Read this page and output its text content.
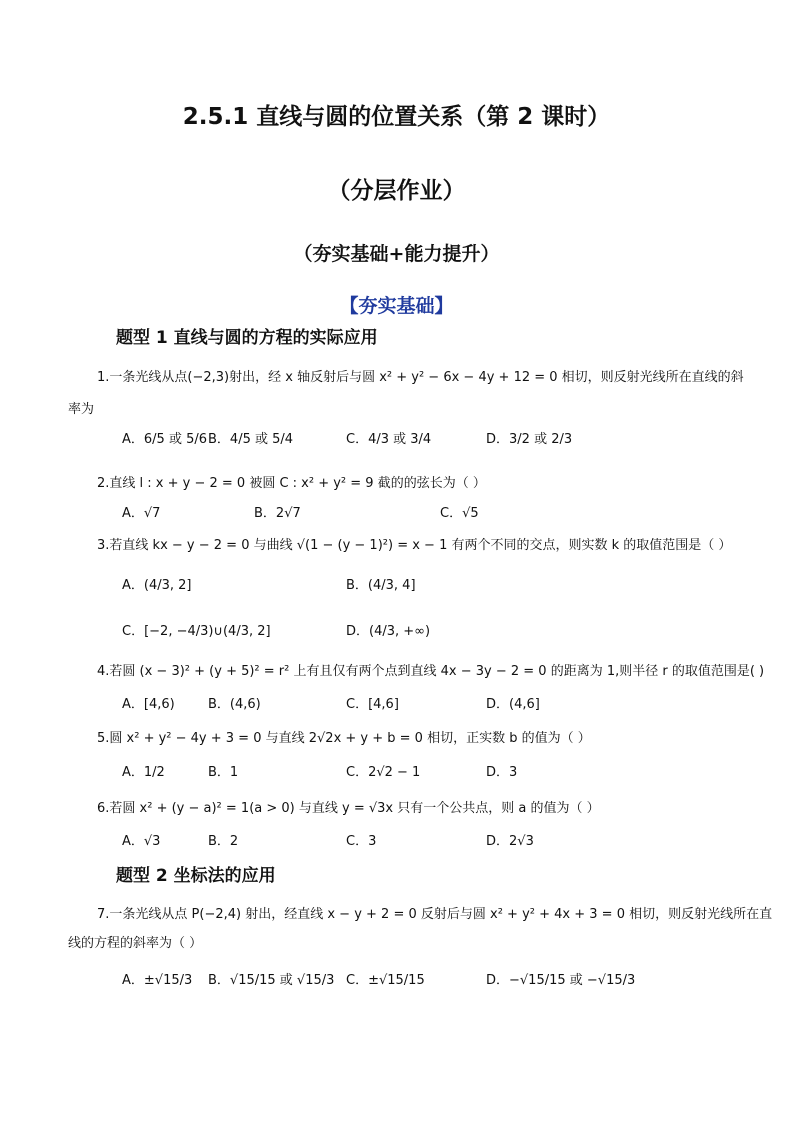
2.5.1 直线与圆的位置关系（第 2 课时）
（分层作业）
（夯实基础+能力提升）
【夯实基础】
题型 1 直线与圆的方程的实际应用
1.一条光线从点(−2,3)射出，经 x 轴反射后与圆 x² + y² − 6x − 4y + 12 = 0 相切，则反射光线所在直线的斜
率为
A．6/5 或 5/6 B．4/5 或 5/4	C．4/3 或 3/4	D．3/2 或 2/3
2.直线 l : x + y − 2 = 0 被圆 C : x² + y² = 9 截的的弦长为（ ）
A．√7	B．2√7	C．√5
3.若直线 kx − y − 2 = 0 与曲线 √(1 − (y − 1)²) = x − 1 有两个不同的交点，则实数 k 的取值范围是（ ）
A．(4/3, 2]	B．(4/3, 4]
C．[−2, −4/3)∪(4/3, 2]	D．(4/3, +∞)
4.若圆 (x − 3)² + (y + 5)² = r² 上有且仅有两个点到直线 4x − 3y − 2 = 0 的距离为 1,则半径 r 的取值范围是( )
A．[4,6)	B．(4,6)	C．[4,6]	D．(4,6]
5.圆 x² + y² − 4y + 3 = 0 与直线 2√2x + y + b = 0 相切，正实数 b 的值为（ ）
A．1/2	B．1	C．2√2 − 1	D．3
6.若圆 x² + (y − a)² = 1(a > 0) 与直线 y = √3x 只有一个公共点，则 a 的值为（ ）
A．√3	B．2	C．3	D．2√3
题型 2 坐标法的应用
7.一条光线从点 P(−2,4) 射出，经直线 x − y + 2 = 0 反射后与圆 x² + y² + 4x + 3 = 0 相切，则反射光线所在直
线的方程的斜率为（ ）
A．±√15/3 B．√15/15 或 √15/3 C．±√15/15	D．−√15/15 或 −√15/3
